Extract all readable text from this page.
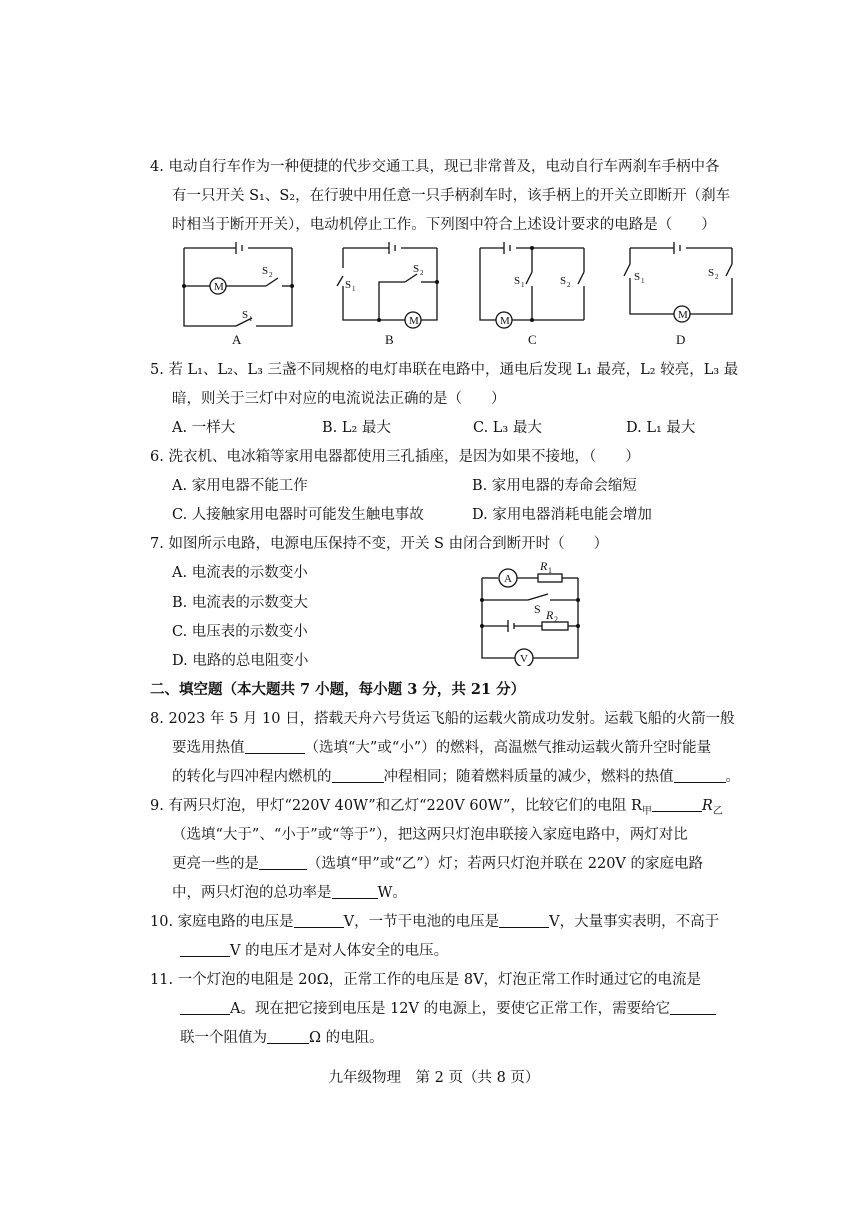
4. 电动自行车作为一种便捷的代步交通工具，现已非常普及，电动自行车两刹车手柄中各
有一只开关 S₁、S₂，在行驶中用任意一只手柄刹车时，该手柄上的开关立即断开（刹车
时相当于断开开关），电动机停止工作。下列图中符合上述设计要求的电路是（　　）
M
S 2
S 1
A
M
S 1
S 2
B
M
S 1	S 2
C
M
S 1
S 2
D
5. 若 L₁、L₂、L₃ 三盏不同规格的电灯串联在电路中，通电后发现 L₁ 最亮，L₂ 较亮，L₃ 最
暗，则关于三灯中对应的电流说法正确的是（　　）
A. 一样大	B. L₂ 最大	C. L₃ 最大	D. L₁ 最大
6. 洗衣机、电冰箱等家用电器都使用三孔插座，是因为如果不接地，（　　）
A. 家用电器不能工作	B. 家用电器的寿命会缩短
C. 人接触家用电器时可能发生触电事故	D. 家用电器消耗电能会增加
7. 如图所示电路，电源电压保持不变，开关 S 由闭合到断开时（　　）
A. 电流表的示数变小
B. 电流表的示数变大
C. 电压表的示数变小
D. 电路的总电阻变小
A
V
R 1
R 2
S
二、填空题（本大题共 7 小题，每小题 3 分，共 21 分）
8. 2023 年 5 月 10 日，搭载天舟六号货运飞船的运载火箭成功发射。运载飞船的火箭一般
要选用热值	（选填“大”或“小”）的燃料，高温燃气推动运载火箭升空时能量
的转化与四冲程内燃机的	冲程相同；随着燃料质量的减少，燃料的热值	。
9. 有两只灯泡，甲灯“220V 40W”和乙灯“220V 60W”，比较它们的电阻 $R_甲$	$R_乙$
（选填“大于”、“小于”或“等于”），把这两只灯泡串联接入家庭电路中，两灯对比
更亮一些的是	（选填“甲”或“乙”）灯；若两只灯泡并联在 220V 的家庭电路
中，两只灯泡的总功率是	W。
10. 家庭电路的电压是	V，一节干电池的电压是	V，大量事实表明，不高于
V 的电压才是对人体安全的电压。
11. 一个灯泡的电阻是 20Ω，正常工作的电压是 8V，灯泡正常工作时通过它的电流是
A。现在把它接到电压是 12V 的电源上，要使它正常工作，需要给它
联一个阻值为	Ω 的电阻。
九年级物理　第 2 页（共 8 页）
